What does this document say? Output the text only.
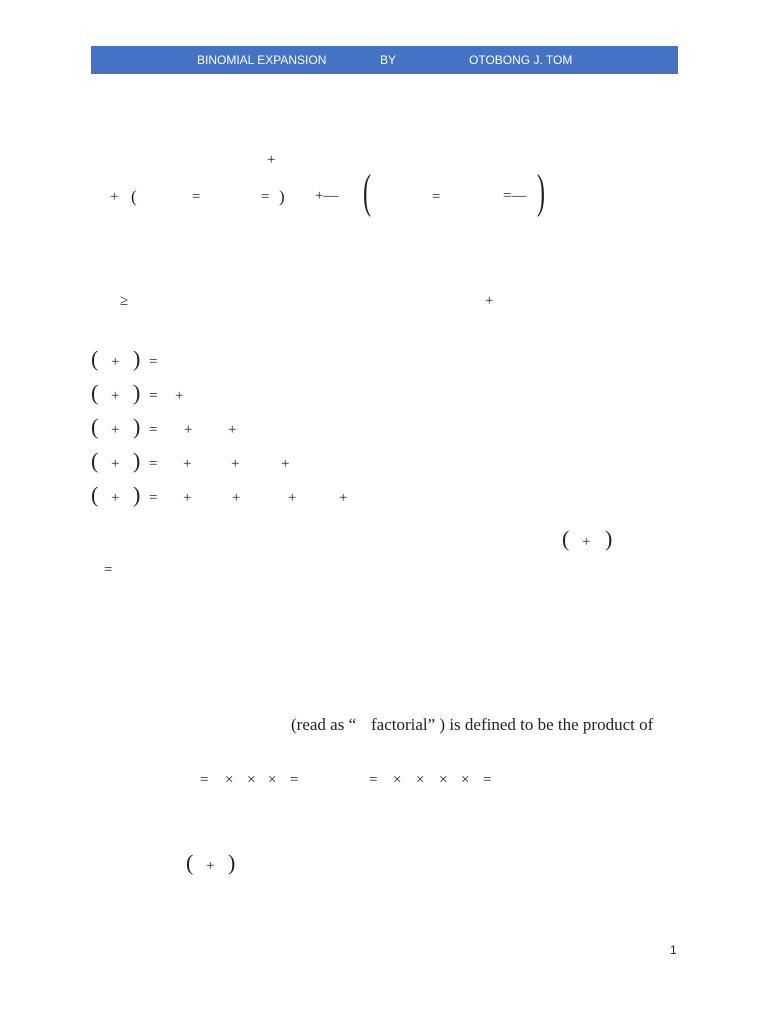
BINOMIAL EXPANSION	BY	OTOBONG J. TOM
+
+ (	=	= ) +— (	=	=— )
≥	+
( + ) =
( + ) = +
( + ) = + +
( + ) = +	+	+
( + ) = +	+	+	+
( + )
=
(read as “ factorial” ) is defined to be the product of
= × × × =	= × × × × =
( + )
1
